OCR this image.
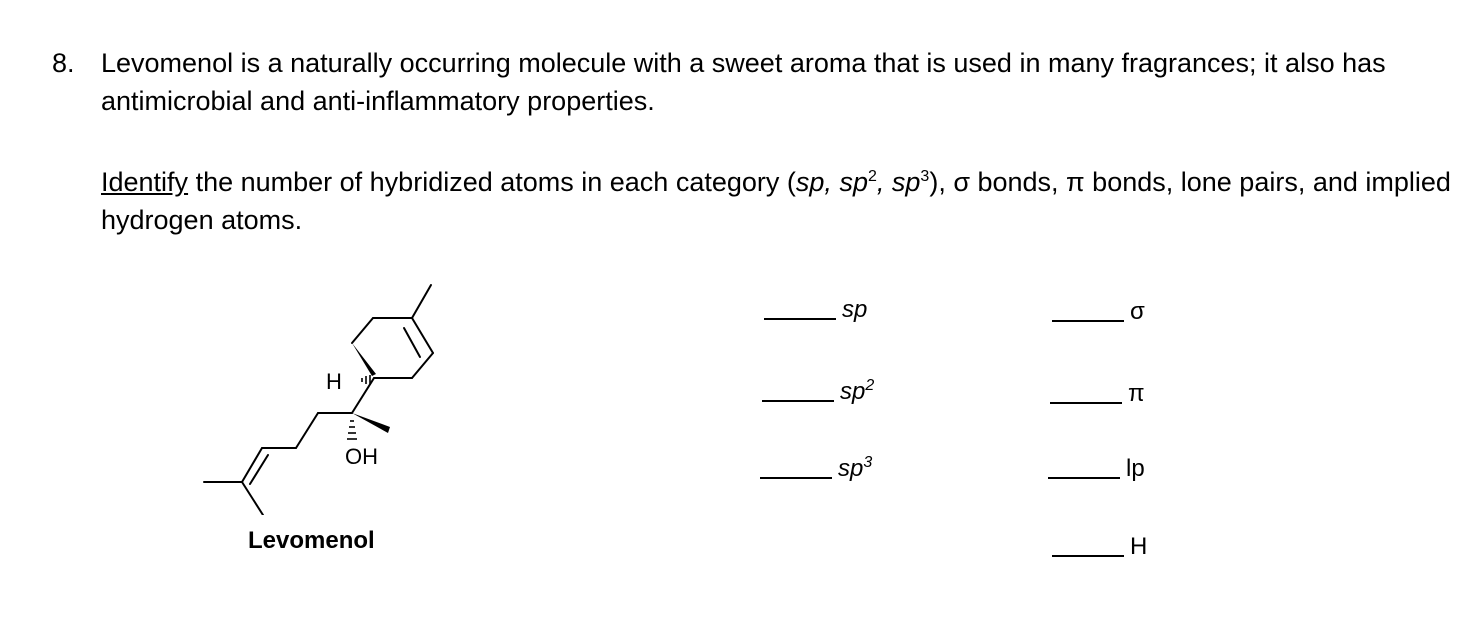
8. Levomenol is a naturally occurring molecule with a sweet aroma that is used in many fragrances; it also has antimicrobial and anti-inflammatory properties.
Identify the number of hybridized atoms in each category (sp, $sp^2$, $sp^3$), σ bonds, π bonds, lone pairs, and implied hydrogen atoms.
H
OH
Levomenol
sp
$sp^2$
$sp^3$
σ
π
lp
H
